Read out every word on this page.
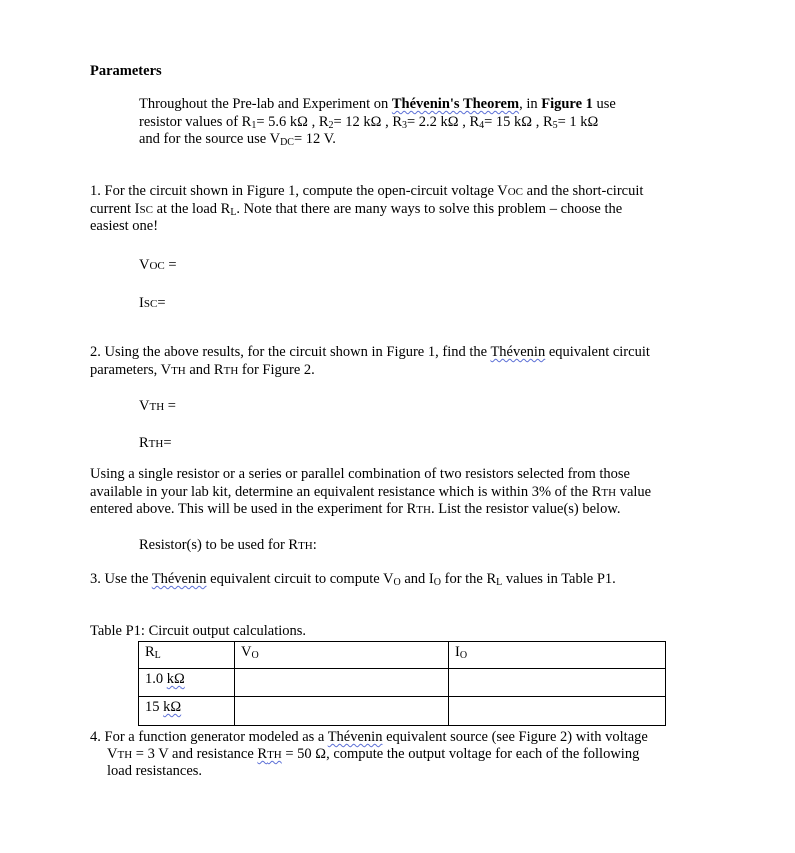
Parameters
Throughout the Pre-lab and Experiment on Thévenin's Theorem, in Figure 1 use
resistor values of $R_1= 5.6$ kΩ , $R_2= 12$ kΩ , $R_3= 2.2$ kΩ , $R_4= 15$ kΩ , $R_5= 1$ kΩ
and for the source use $V_{DC}= 12$ V.
1. For the circuit shown in Figure 1, compute the open-circuit voltage VOC and the short-circuit
current ISC at the load $R_L$. Note that there are many ways to solve this problem – choose the
easiest one!
VOC =
ISC=
2. Using the above results, for the circuit shown in Figure 1, find the Thévenin equivalent circuit
parameters, VTH and RTH for Figure 2.
VTH =
RTH=
Using a single resistor or a series or parallel combination of two resistors selected from those
available in your lab kit, determine an equivalent resistance which is within 3% of the RTH value
entered above. This will be used in the experiment for RTH. List the resistor value(s) below.
Resistor(s) to be used for RTH:
3. Use the Thévenin equivalent circuit to compute $V_O$ and $I_O$ for the $R_L$ values in Table P1.
Table P1: Circuit output calculations.
$R_L$	$V_O$	$I_O$
1.0 kΩ		
15 kΩ		
4. For a function generator modeled as a Thévenin equivalent source (see Figure 2) with voltage
VTH = 3 V and resistance RTH = 50 Ω, compute the output voltage for each of the following
load resistances.
